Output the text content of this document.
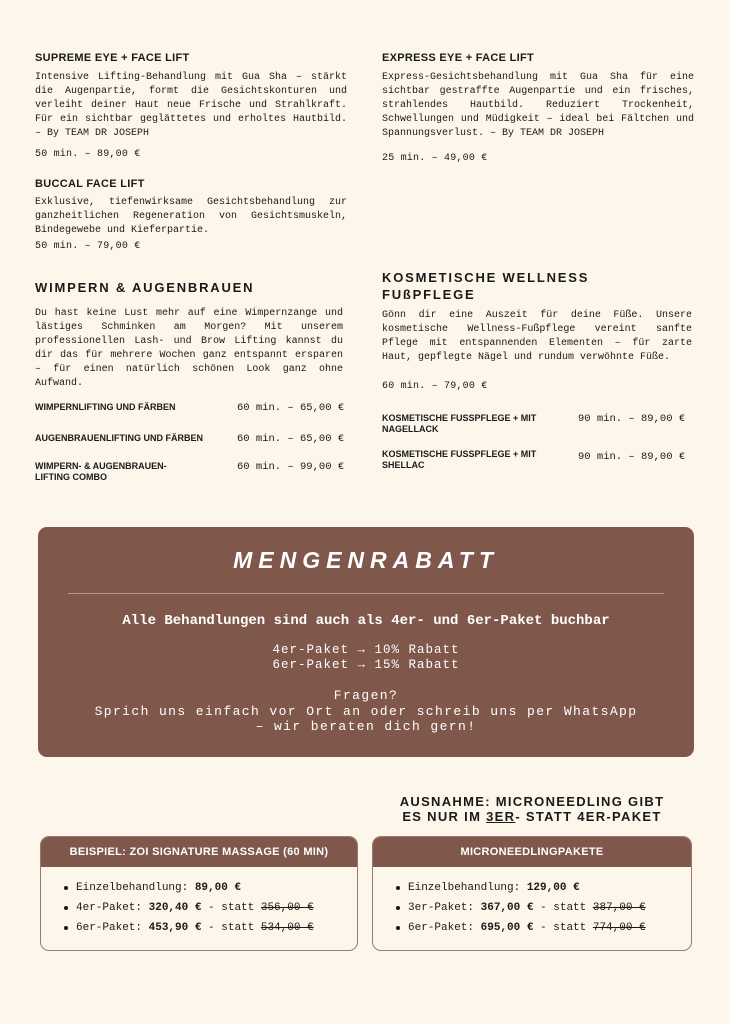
SUPREME EYE + FACE LIFT
Intensive Lifting-Behandlung mit Gua Sha – stärkt die Augenpartie, formt die Gesichtskonturen und verleiht deiner Haut neue Frische und Strahlkraft. Für ein sichtbar geglättetes und erholtes Hautbild. – By TEAM DR JOSEPH
50 min. – 89,00 €
BUCCAL FACE LIFT
Exklusive, tiefenwirksame Gesichtsbehandlung zur ganzheitlichen Regeneration von Gesichtsmuskeln, Bindegewebe und Kieferpartie.
50 min. – 79,00 €
WIMPERN & AUGENBRAUEN
Du hast keine Lust mehr auf eine Wimpernzange und lästiges Schminken am Morgen? Mit unserem professionellen Lash- und Brow Lifting kannst du dir das für mehrere Wochen ganz entspannt ersparen – für einen natürlich schönen Look ganz ohne Aufwand.
WIMPERNLIFTING UND FÄRBEN	60 min. – 65,00 €
AUGENBRAUENLIFTING UND FÄRBEN	60 min. – 65,00 €
WIMPERN- & AUGENBRAUEN-LIFTING COMBO
60 min. – 99,00 €
EXPRESS EYE + FACE LIFT
Express-Gesichtsbehandlung mit Gua Sha für eine sichtbar gestraffte Augenpartie und ein frisches, strahlendes Hautbild. Reduziert Trockenheit, Schwellungen und Müdigkeit – ideal bei Fältchen und Spannungsverlust. – By TEAM DR JOSEPH
25 min. – 49,00 €
KOSMETISCHE WELLNESS FUßPFLEGE
Gönn dir eine Auszeit für deine Füße. Unsere kosmetische Wellness-Fußpflege vereint sanfte Pflege mit entspannenden Elementen – für zarte Haut, gepflegte Nägel und rundum verwöhnte Füße.
60 min. – 79,00 €
KOSMETISCHE FUSSPFLEGE + MIT NAGELLACK
90 min. – 89,00 €
KOSMETISCHE FUSSPFLEGE + MIT SHELLAC
90 min. – 89,00 €
MENGENRABATT
Alle Behandlungen sind auch als 4er- und 6er-Paket buchbar
4er-Paket → 10% Rabatt
6er-Paket → 15% Rabatt
Fragen?
Sprich uns einfach vor Ort an oder schreib uns per WhatsApp
– wir beraten dich gern!
AUSNAHME: MICRONEEDLING GIBT
ES NUR IM 3ER- STATT 4ER-PAKET
BEISPIEL: ZOI SIGNATURE MASSAGE (60 MIN)
Einzelbehandlung: 89,00 €
4er-Paket: 320,40 € - statt 356,00 €
6er-Paket: 453,90 € - statt 534,00 €
MICRONEEDLINGPAKETE
Einzelbehandlung: 129,00 €
3er-Paket: 367,00 € - statt 387,00 €
6er-Paket: 695,00 € - statt 774,00 €
